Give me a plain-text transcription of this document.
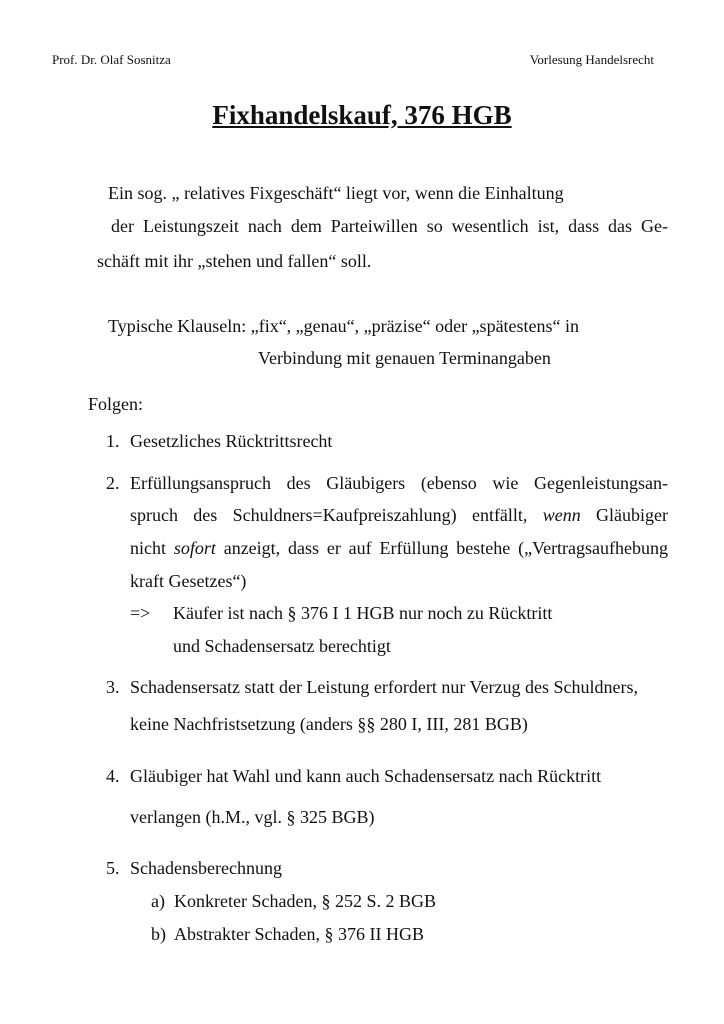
Prof. Dr. Olaf Sosnitza	Vorlesung Handelsrecht
Fixhandelskauf, 376 HGB
Ein sog. „ relatives Fixgeschäft“ liegt vor, wenn die Einhaltung
der Leistungszeit nach dem Parteiwillen so wesentlich ist, dass das Ge-
schäft mit ihr „stehen und fallen“ soll.
Typische Klauseln: „fix“, „genau“, „präzise“ oder „spätestens“ in
Verbindung mit genauen Terminangaben
Folgen:
1. Gesetzliches Rücktrittsrecht
2. Erfüllungsanspruch des Gläubigers (ebenso wie Gegenleistungsan-
spruch des Schuldners=Kaufpreiszahlung) entfällt, wenn Gläubiger
nicht sofort anzeigt, dass er auf Erfüllung bestehe („Vertragsaufhebung
kraft Gesetzes“)
=> Käufer ist nach § 376 I 1 HGB nur noch zu Rücktritt
und Schadensersatz berechtigt
3. Schadensersatz statt der Leistung erfordert nur Verzug des Schuldners,
keine Nachfristsetzung (anders §§ 280 I, III, 281 BGB)
4. Gläubiger hat Wahl und kann auch Schadensersatz nach Rücktritt
verlangen (h.M., vgl. § 325 BGB)
5. Schadensberechnung
a) Konkreter Schaden, § 252 S. 2 BGB
b) Abstrakter Schaden, § 376 II HGB
